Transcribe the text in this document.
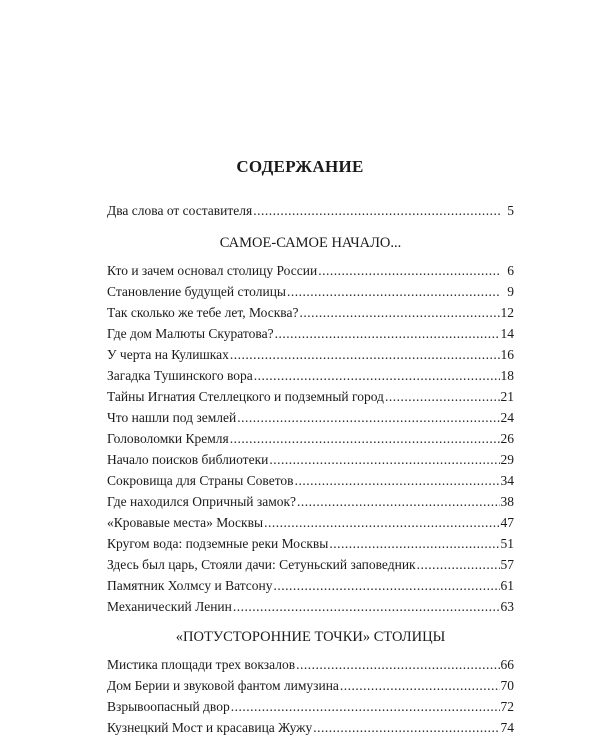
СОДЕРЖАНИЕ
Два слова от составителя .....	5
САМОЕ-САМОЕ НАЧАЛО...
Кто и зачем основал столицу России .....	6
Становление будущей столицы .....	9
Так сколько же тебе лет, Москва? .....	12
Где дом Малюты Скуратова? .....	14
У черта на Кулишках .....	16
Загадка Тушинского вора .....	18
Тайны Игнатия Стеллецкого и подземный город .....	21
Что нашли под землей .....	24
Головоломки Кремля .....	26
Начало поисков библиотеки .....	29
Сокровища для Страны Советов .....	34
Где находился Опричный замок? .....	38
«Кровавые места» Москвы .....	47
Кругом вода: подземные реки Москвы .....	51
Здесь был царь, Стояли дачи: Сетуньский заповедник .....	57
Памятник Холмсу и Ватсону .....	61
Механический Ленин .....	63
«ПОТУСТОРОННИЕ ТОЧКИ» СТОЛИЦЫ
Мистика площади трех вокзалов .....	66
Дом Берии и звуковой фантом лимузина .....	70
Взрывоопасный двор .....	72
Кузнецкий Мост и красавица Жужу .....	74
